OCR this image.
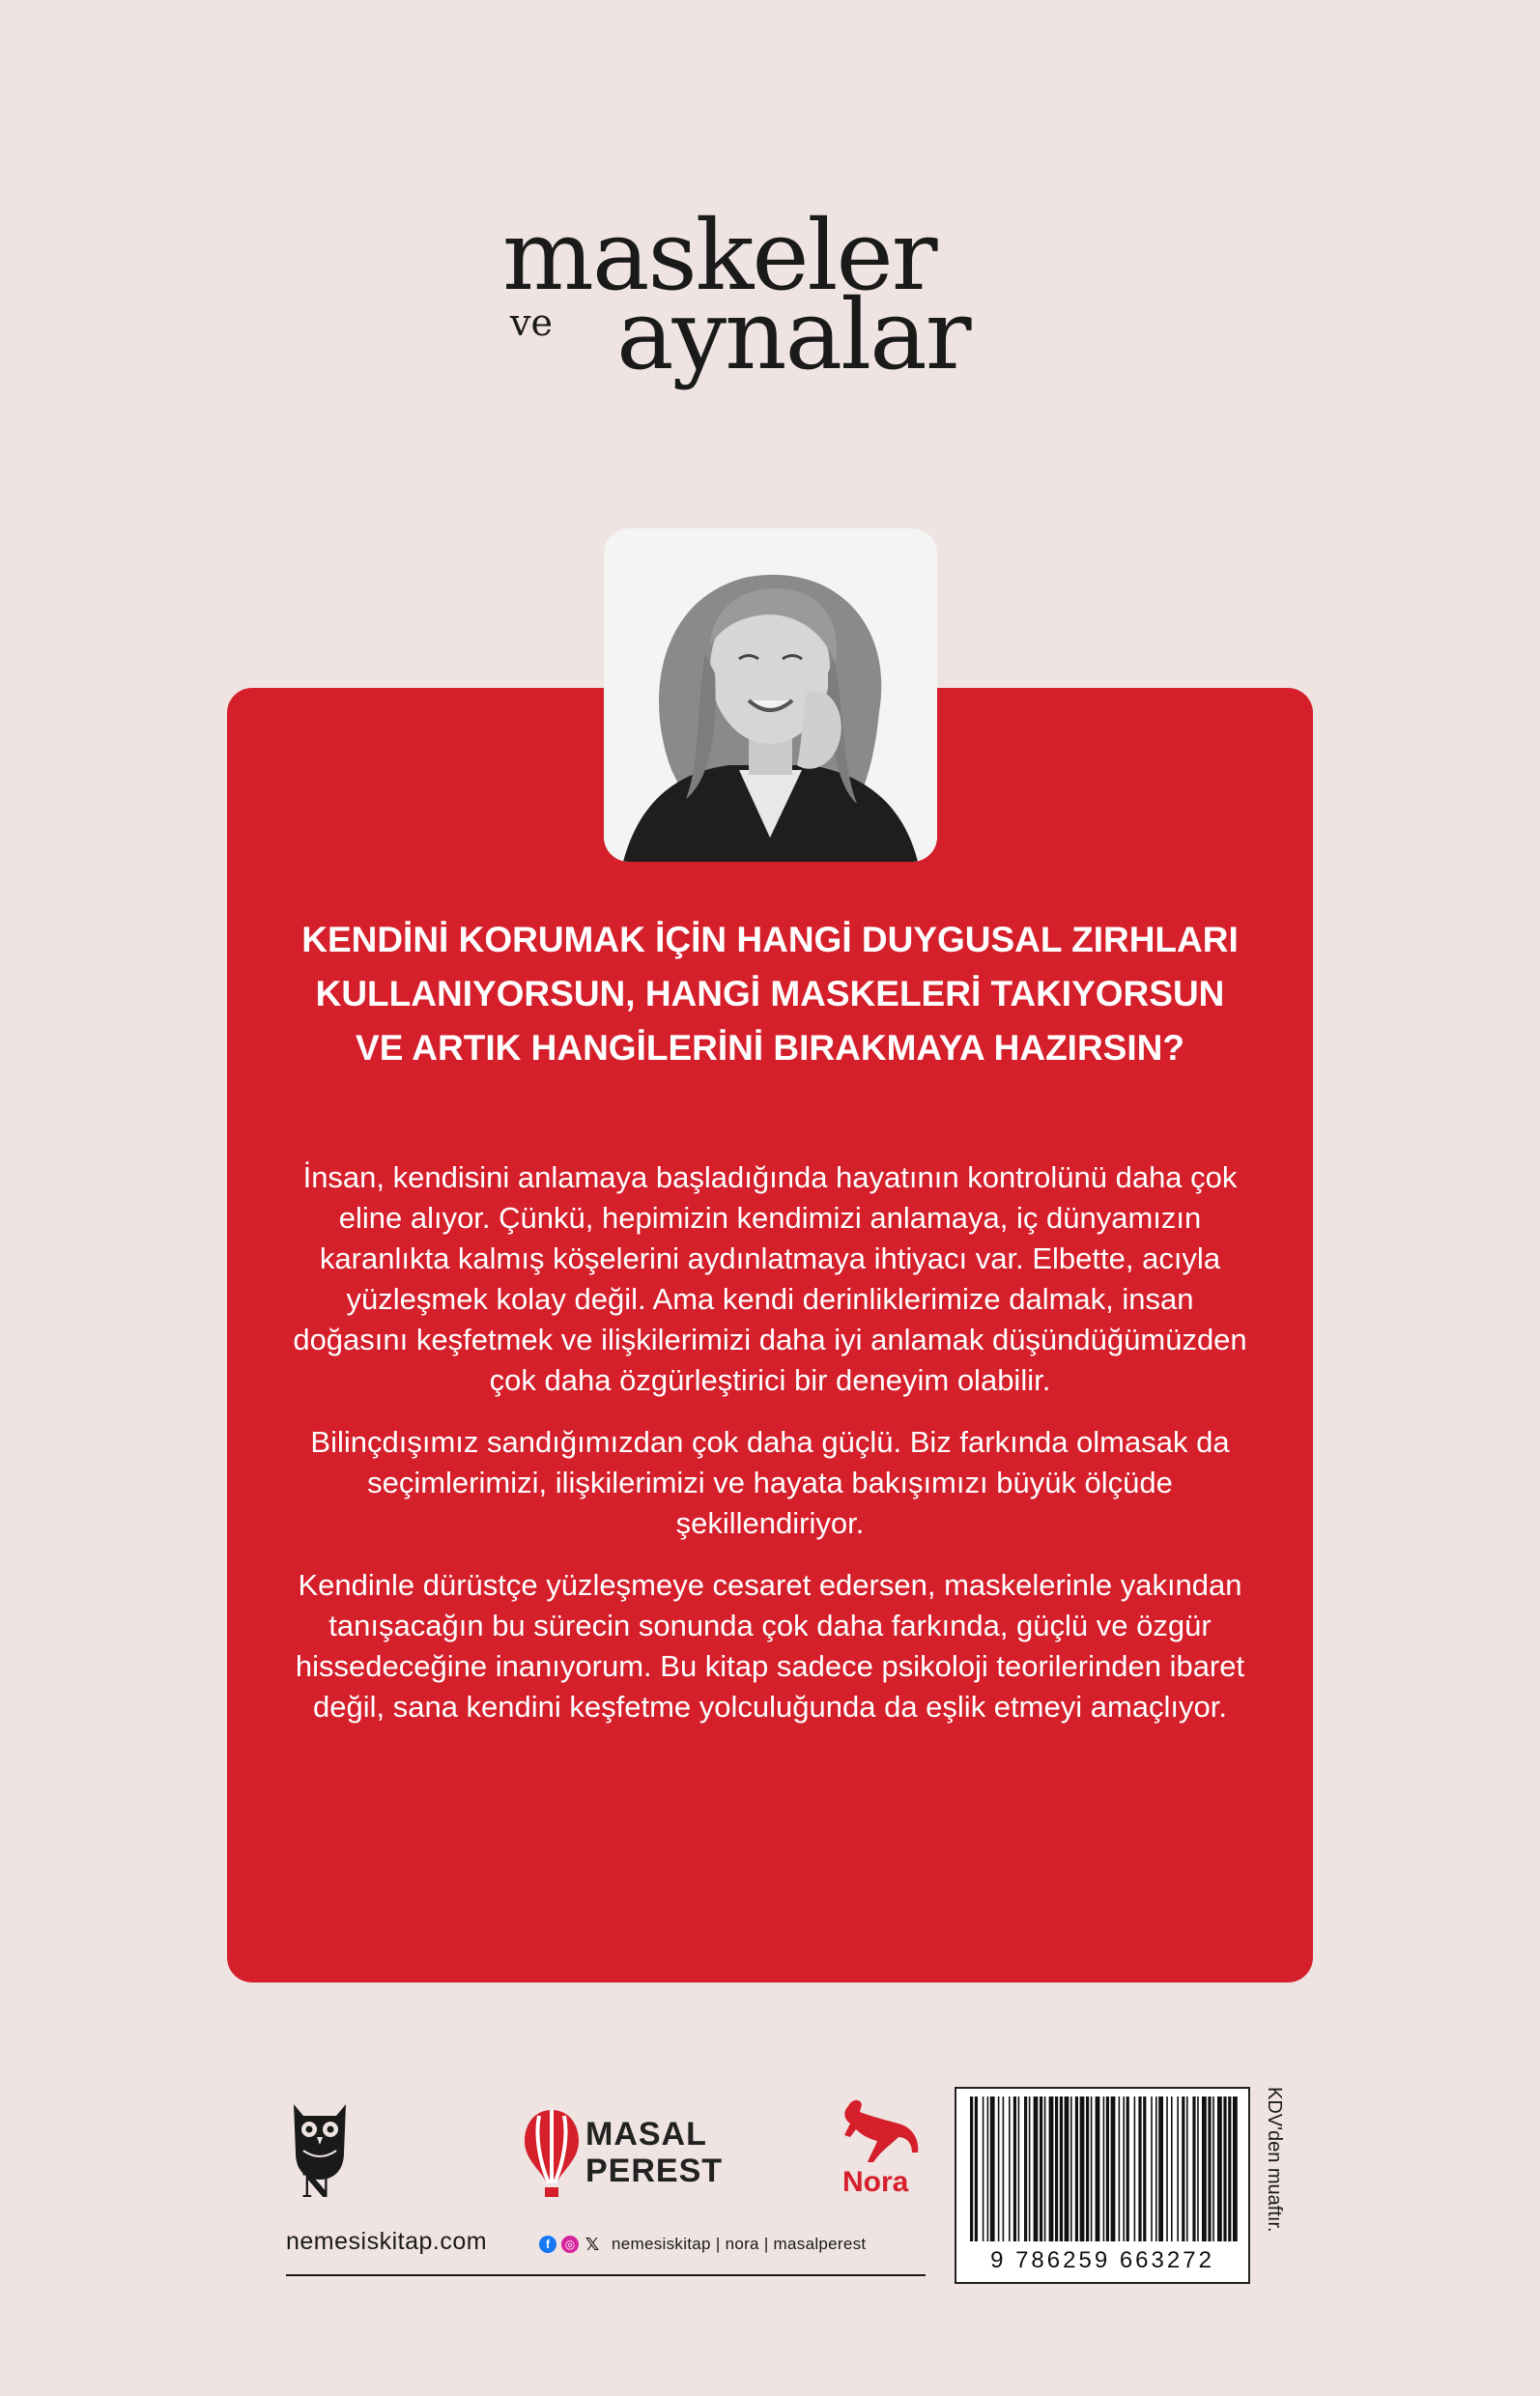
maskeler
ve aynalar

KENDİNİ KORUMAK İÇİN HANGİ DUYGUSAL ZIRHLARI KULLANIYORSUN, HANGİ MASKELERİ TAKIYORSUN VE ARTIK HANGİLERİNİ BIRAKMAYA HAZIRSIN?

İnsan, kendisini anlamaya başladığında hayatının kontrolünü daha çok eline alıyor. Çünkü, hepimizin kendimizi anlamaya, iç dünyamızın karanlıkta kalmış köşelerini aydınlatmaya ihtiyacı var. Elbette, acıyla yüzleşmek kolay değil. Ama kendi derinliklerimize dalmak, insan doğasını keşfetmek ve ilişkilerimizi daha iyi anlamak düşündüğümüzden çok daha özgürleştirici bir deneyim olabilir.

Bilinçdışımız sandığımızdan çok daha güçlü. Biz farkında olmasak da seçimlerimizi, ilişkilerimizi ve hayata bakışımızı büyük ölçüde şekillendiriyor.

Kendinle dürüstçe yüzleşmeye cesaret edersen, maskelerinle yakından tanışacağın bu sürecin sonunda çok daha farkında, güçlü ve özgür hissedeceğine inanıyorum. Bu kitap sadece psikoloji teorilerinden ibaret değil, sana kendini keşfetme yolculuğunda da eşlik etmeyi amaçlıyor.

N
MASAL
PEREST	Nora
nemesiskitap.com	f	◎ 𝕏 nemesiskitap | nora | masalperest
9 786259 663272
KDV'den muaftır.
